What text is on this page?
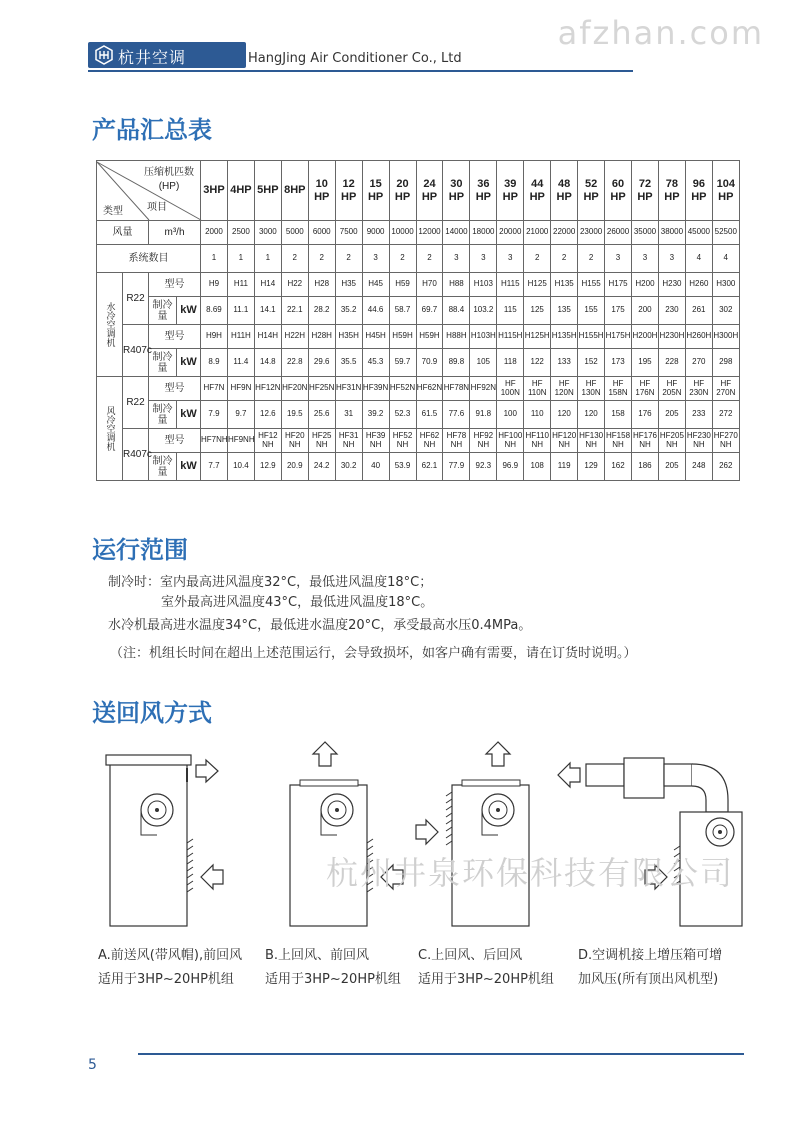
afzhan.com
杭井空调	HangJing Air Conditioner Co., Ltd
产品汇总表
压缩机匹数
(HP)
项目
类型				3HP	4HP	5HP	8HP	10 HP	12 HP	15 HP	20 HP	24 HP	30 HP	36 HP	39 HP	44 HP	48 HP	52 HP	60 HP	72 HP	78 HP	96 HP	104 HP
风量		m³/h		2000	2500	3000	5000	6000	7500	9000	10000	12000	14000	18000	20000	21000	22000	23000	26000	35000	38000	45000	52500
系统数目				1	1	1	2	2	2	3	2	2	3	3	3	2	2	2	3	3	3	4	4
水冷空调机	R22	型号		H9	H11	H14	H22	H28	H35	H45	H59	H70	H88	H103	H115	H125	H135	H155	H175	H200	H230	H260	H300
		制冷量	kW	8.69	11.1	14.1	22.1	28.2	35.2	44.6	58.7	69.7	88.4	103.2	115	125	135	155	175	200	230	261	302
	R407c	型号		H9H	H11H	H14H	H22H	H28H	H35H	H45H	H59H	H59H	H88H	H103H	H115H	H125H	H135H	H155H	H175H	H200H	H230H	H260H	H300H
		制冷量	kW	8.9	11.4	14.8	22.8	29.6	35.5	45.3	59.7	70.9	89.8	105	118	122	133	152	173	195	228	270	298
风冷空调机	R22	型号		HF7N	HF9N	HF12N	HF20N	HF25N	HF31N	HF39N	HF52N	HF62N	HF78N	HF92N	HF 100N	HF 110N	HF 120N	HF 130N	HF 158N	HF 176N	HF 205N	HF 230N	HF 270N
		制冷量	kW	7.9	9.7	12.6	19.5	25.6	31	39.2	52.3	61.5	77.6	91.8	100	110	120	120	158	176	205	233	272
	R407c	型号		HF7NH	HF9NH	HF12 NH	HF20 NH	HF25 NH	HF31 NH	HF39 NH	HF52 NH	HF62 NH	HF78 NH	HF92 NH	HF100 NH	HF110 NH	HF120 NH	HF130 NH	HF158 NH	HF176 NH	HF205 NH	HF230 NH	HF270 NH
		制冷量	kW	7.7	10.4	12.9	20.9	24.2	30.2	40	53.9	62.1	77.9	92.3	96.9	108	119	129	162	186	205	248	262
运行范围
制冷时：室内最高进风温度32°C，最低进风温度18°C；
室外最高进风温度43°C，最低进风温度18°C。
水冷机最高进水温度34°C，最低进水温度20°C，承受最高水压0.4MPa。
（注：机组长时间在超出上述范围运行，会导致损坏，如客户确有需要，请在订货时说明。）
送回风方式
杭州井泉环保科技有限公司
A.前送风(带风帽),前回风
适用于3HP~20HP机组
B.上回风、前回风
适用于3HP~20HP机组
C.上回风、后回风
适用于3HP~20HP机组
D.空调机接上增压箱可增
加风压(所有顶出风机型)
5
